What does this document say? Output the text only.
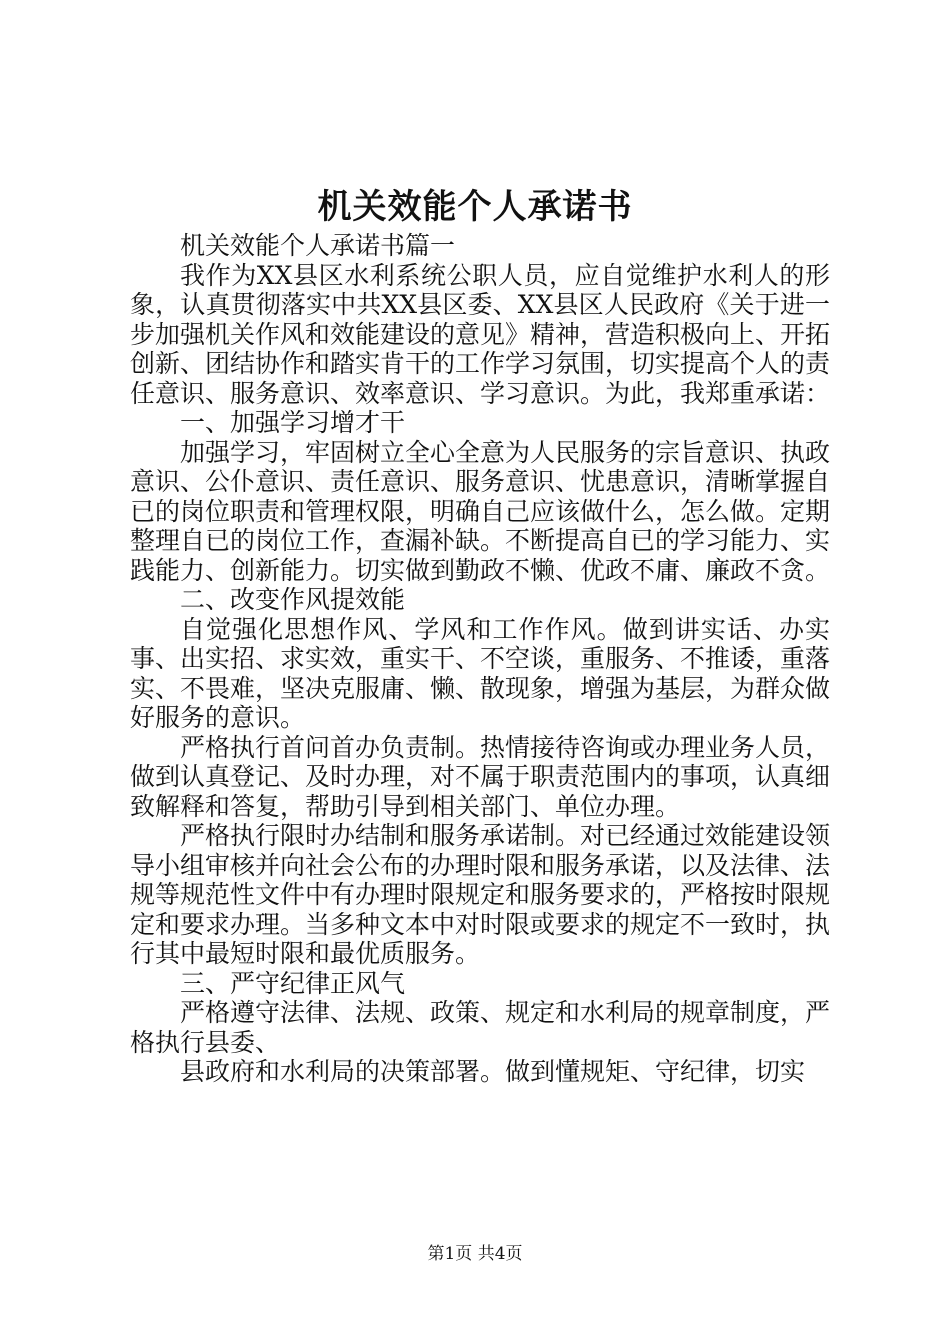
机关效能个人承诺书

机关效能个人承诺书篇一

我作为XX县区水利系统公职人员，应自觉维护水利人的形象，认真贯彻落实中共XX县区委、XX县区人民政府《关于进一步加强机关作风和效能建设的意见》精神，营造积极向上、开拓创新、团结协作和踏实肯干的工作学习氛围，切实提高个人的责任意识、服务意识、效率意识、学习意识。为此，我郑重承诺：

一、加强学习增才干

加强学习，牢固树立全心全意为人民服务的宗旨意识、执政意识、公仆意识、责任意识、服务意识、忧患意识，清晰掌握自已的岗位职责和管理权限，明确自己应该做什么，怎么做。定期整理自已的岗位工作，查漏补缺。不断提高自已的学习能力、实践能力、创新能力。切实做到勤政不懒、优政不庸、廉政不贪。

二、改变作风提效能

自觉强化思想作风、学风和工作作风。做到讲实话、办实事、出实招、求实效，重实干、不空谈，重服务、不推诿，重落实、不畏难，坚决克服庸、懒、散现象，增强为基层，为群众做好服务的意识。

严格执行首问首办负责制。热情接待咨询或办理业务人员，做到认真登记、及时办理，对不属于职责范围内的事项，认真细致解释和答复，帮助引导到相关部门、单位办理。

严格执行限时办结制和服务承诺制。对已经通过效能建设领导小组审核并向社会公布的办理时限和服务承诺，以及法律、法规等规范性文件中有办理时限规定和服务要求的，严格按时限规定和要求办理。当多种文本中对时限或要求的规定不一致时，执行其中最短时限和最优质服务。

三、严守纪律正风气

严格遵守法律、法规、政策、规定和水利局的规章制度，严格执行县委、

县政府和水利局的决策部署。做到懂规矩、守纪律，切实

第1页 共4页
